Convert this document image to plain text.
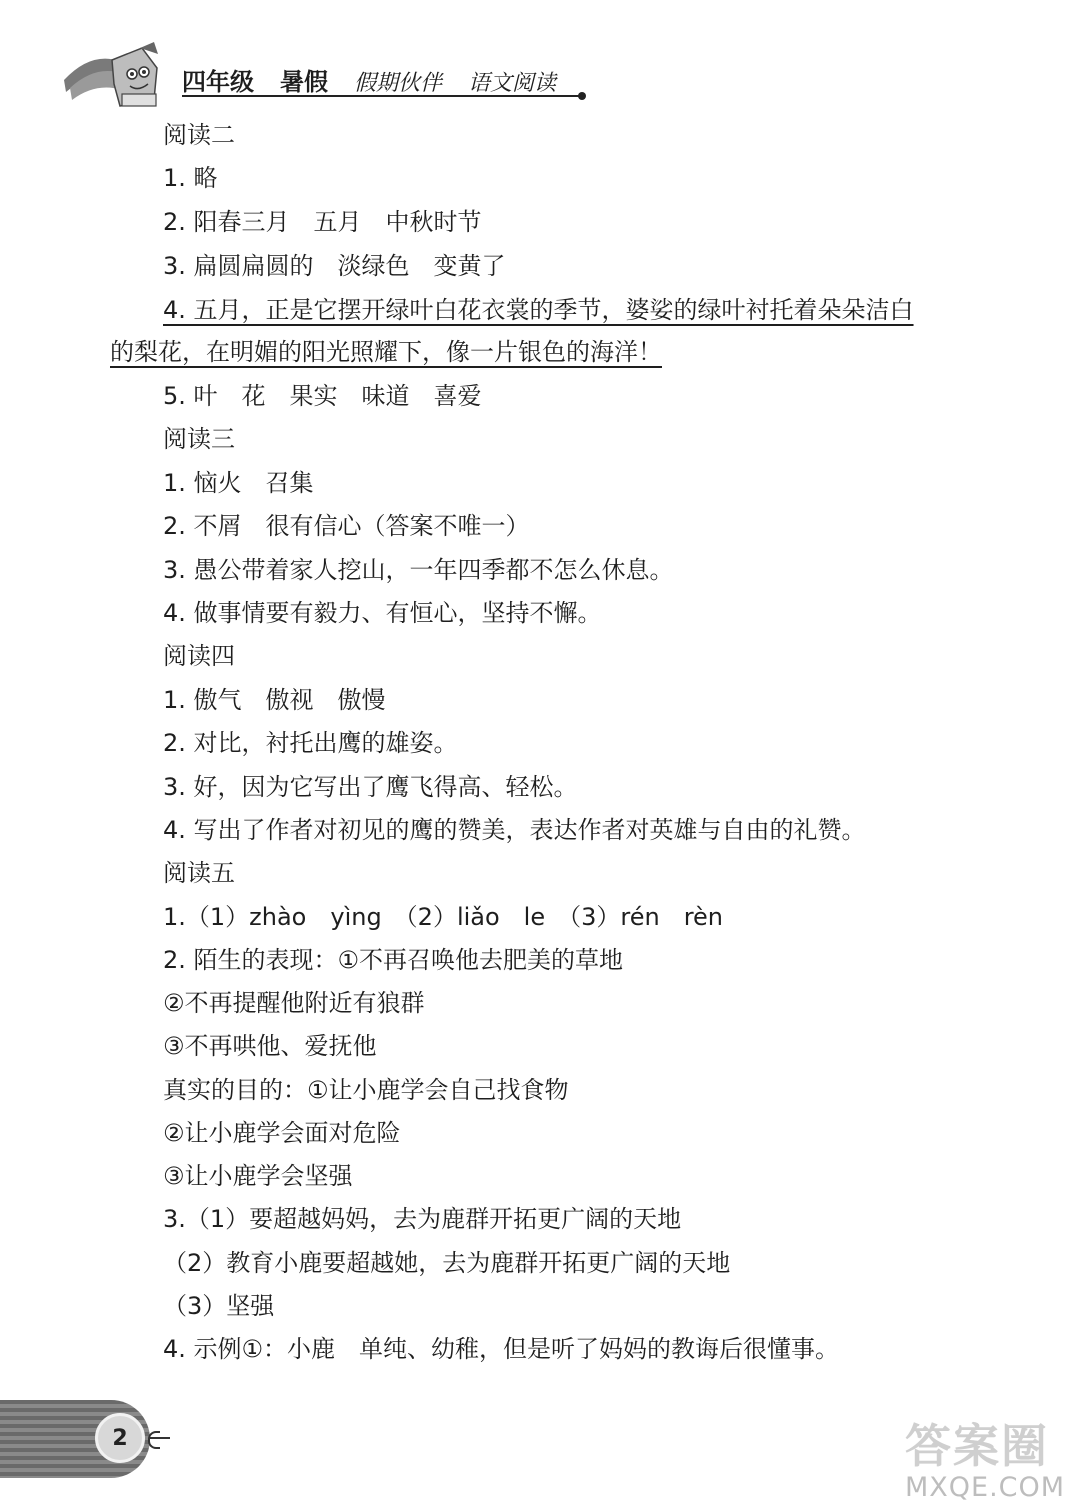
四年级 暑假 假期伙伴 语文阅读
阅读二
1. 略
2. 阳春三月　五月　中秋时节
3. 扁圆扁圆的　淡绿色　变黄了
4. 五月，正是它摆开绿叶白花衣裳的季节，婆娑的绿叶衬托着朵朵洁白
的梨花，在明媚的阳光照耀下，像一片银色的海洋！
5. 叶　花　果实　味道　喜爱
阅读三
1. 恼火　召集
2. 不屑　很有信心（答案不唯一）
3. 愚公带着家人挖山，一年四季都不怎么休息。
4. 做事情要有毅力、有恒心，坚持不懈。
阅读四
1. 傲气　傲视　傲慢
2. 对比，衬托出鹰的雄姿。
3. 好，因为它写出了鹰飞得高、轻松。
4. 写出了作者对初见的鹰的赞美，表达作者对英雄与自由的礼赞。
阅读五
1.（1）zhào　yìng　（2）liǎo　le　（3）rén　rèn
2. 陌生的表现：①不再召唤他去肥美的草地
②不再提醒他附近有狼群
③不再哄他、爱抚他
真实的目的：①让小鹿学会自己找食物
②让小鹿学会面对危险
③让小鹿学会坚强
3.（1）要超越妈妈，去为鹿群开拓更广阔的天地
（2）教育小鹿要超越她，去为鹿群开拓更广阔的天地
（3）坚强
4. 示例①：小鹿　单纯、幼稚，但是听了妈妈的教诲后很懂事。
2	答案圈
MXQE.COM
